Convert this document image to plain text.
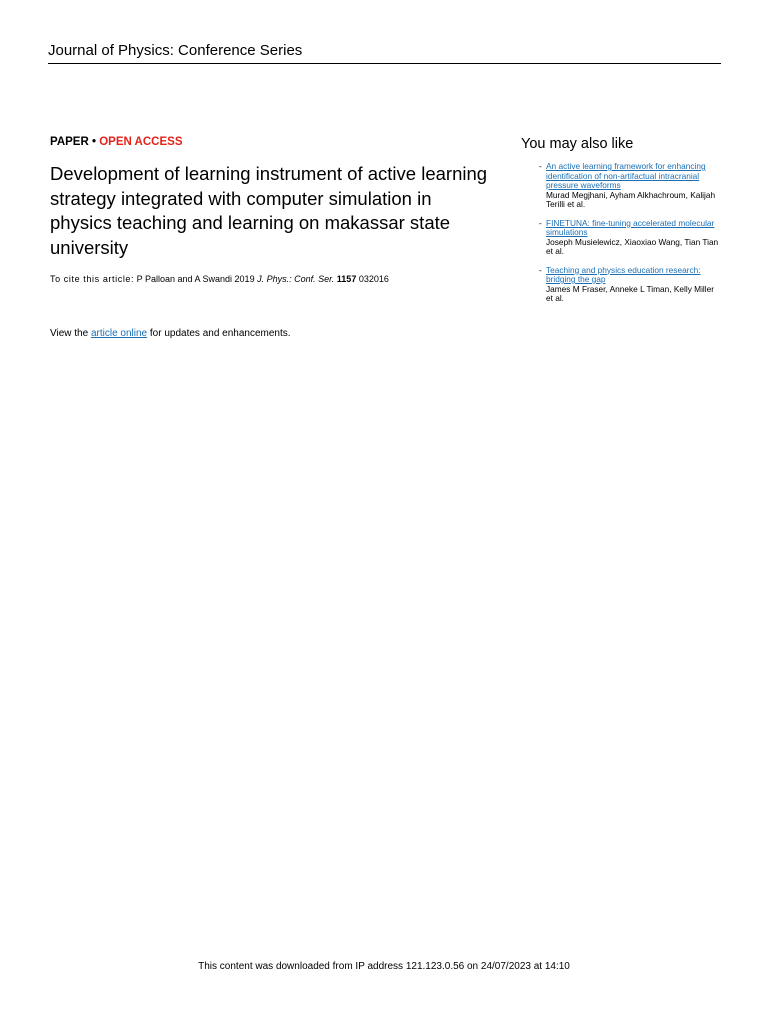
Journal of Physics: Conference Series
PAPER • OPEN ACCESS
Development of learning instrument of active learning strategy integrated with computer simulation in physics teaching and learning on makassar state university
To cite this article: P Palloan and A Swandi 2019 J. Phys.: Conf. Ser. 1157 032016
View the article online for updates and enhancements.
You may also like
- An active learning framework for enhancing identification of non-artifactual intracranial pressure waveforms
Murad Megjhani, Ayham Alkhachroum, Kalijah Terilli et al.
- FINETUNA: fine-tuning accelerated molecular simulations
Joseph Musielewicz, Xiaoxiao Wang, Tian Tian et al.
- Teaching and physics education research: bridging the gap
James M Fraser, Anneke L Timan, Kelly Miller et al.
This content was downloaded from IP address 121.123.0.56 on 24/07/2023 at 14:10
